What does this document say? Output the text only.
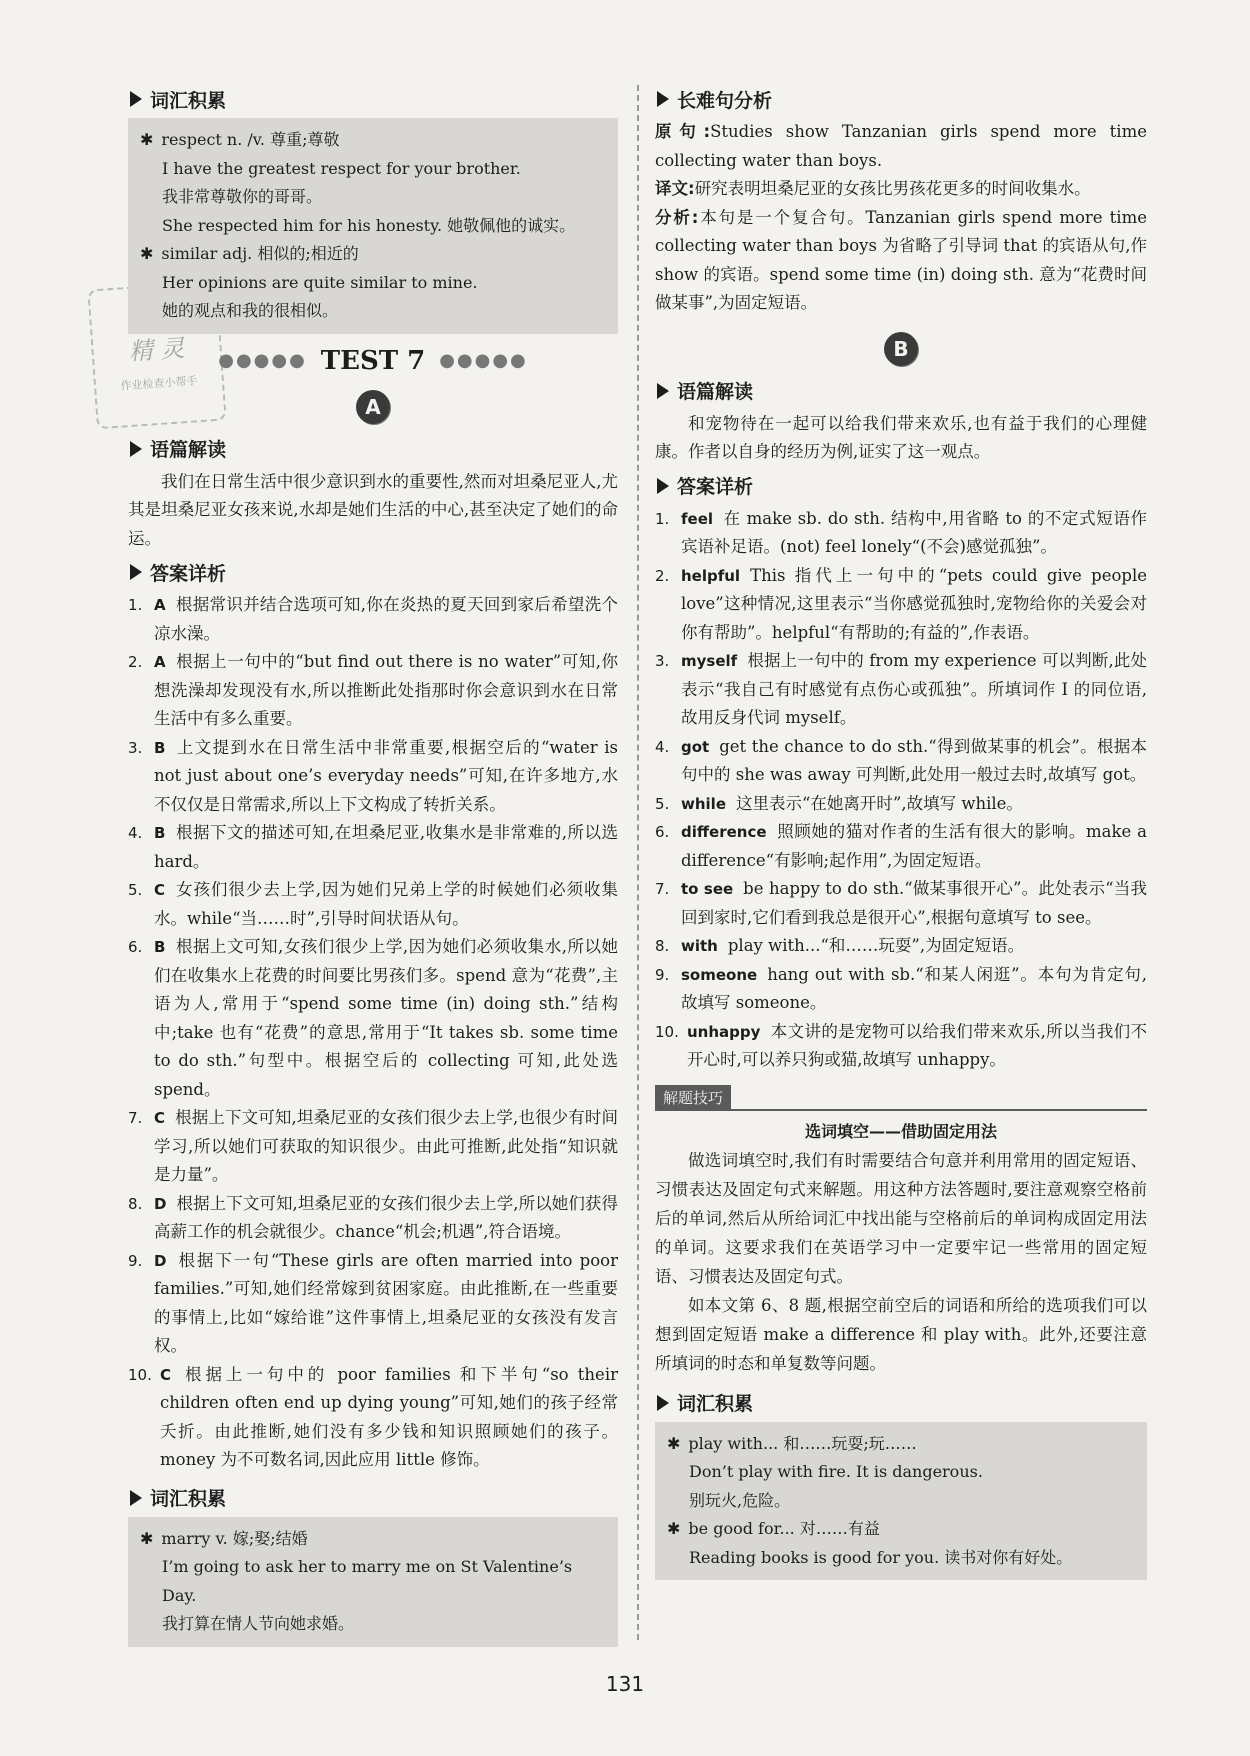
精 灵
作业检查小帮手
词汇积累
✱ respect n. /v. 尊重;尊敬
I have the greatest respect for your brother.
我非常尊敬你的哥哥。
She respected him for his honesty. 她敬佩他的诚实。
✱ similar adj. 相似的;相近的
Her opinions are quite similar to mine.
她的观点和我的很相似。
●●●●● TEST 7 ●●●●●
A
语篇解读

我们在日常生活中很少意识到水的重要性,然而对坦桑尼亚人,尤其是坦桑尼亚女孩来说,水却是她们生活的中心,甚至决定了她们的命运。

答案详析
1. A 根据常识并结合选项可知,你在炎热的夏天回到家后希望洗个凉水澡。
2. A 根据上一句中的“but find out there is no water”可知,你想洗澡却发现没有水,所以推断此处指那时你会意识到水在日常生活中有多么重要。
3. B 上文提到水在日常生活中非常重要,根据空后的“water is not just about one’s everyday needs”可知,在许多地方,水不仅仅是日常需求,所以上下文构成了转折关系。
4. B 根据下文的描述可知,在坦桑尼亚,收集水是非常难的,所以选 hard。
5. C 女孩们很少去上学,因为她们兄弟上学的时候她们必须收集水。while“当……时”,引导时间状语从句。
6. B 根据上文可知,女孩们很少上学,因为她们必须收集水,所以她们在收集水上花费的时间要比男孩们多。spend 意为“花费”,主语为人,常用于“spend some time (in) doing sth.”结构中;take 也有“花费”的意思,常用于“It takes sb. some time to do sth.”句型中。根据空后的 collecting 可知,此处选 spend。
7. C 根据上下文可知,坦桑尼亚的女孩们很少去上学,也很少有时间学习,所以她们可获取的知识很少。由此可推断,此处指“知识就是力量”。
8. D 根据上下文可知,坦桑尼亚的女孩们很少去上学,所以她们获得高薪工作的机会就很少。chance“机会;机遇”,符合语境。
9. D 根据下一句“These girls are often married into poor families.”可知,她们经常嫁到贫困家庭。由此推断,在一些重要的事情上,比如“嫁给谁”这件事情上,坦桑尼亚的女孩没有发言权。
10. C 根据上一句中的 poor families 和下半句“so their children often end up dying young”可知,她们的孩子经常夭折。由此推断,她们没有多少钱和知识照顾她们的孩子。money 为不可数名词,因此应用 little 修饰。
词汇积累
✱ marry v. 嫁;娶;结婚
I’m going to ask her to marry me on St Valentine’s Day.
我打算在情人节向她求婚。
长难句分析

原句:Studies show Tanzanian girls spend more time collecting water than boys.

译文:研究表明坦桑尼亚的女孩比男孩花更多的时间收集水。

分析:本句是一个复合句。Tanzanian girls spend more time collecting water than boys 为省略了引导词 that 的宾语从句,作 show 的宾语。spend some time (in) doing sth. 意为“花费时间做某事”,为固定短语。

B
语篇解读

和宠物待在一起可以给我们带来欢乐,也有益于我们的心理健康。作者以自身的经历为例,证实了这一观点。

答案详析
1. feel 在 make sb. do sth. 结构中,用省略 to 的不定式短语作宾语补足语。(not) feel lonely“(不会)感觉孤独”。
2. helpful This 指代上一句中的“pets could give people love”这种情况,这里表示“当你感觉孤独时,宠物给你的关爱会对你有帮助”。helpful“有帮助的;有益的”,作表语。
3. myself 根据上一句中的 from my experience 可以判断,此处表示“我自己有时感觉有点伤心或孤独”。所填词作 I 的同位语,故用反身代词 myself。
4. got get the chance to do sth.“得到做某事的机会”。根据本句中的 she was away 可判断,此处用一般过去时,故填写 got。
5. while 这里表示“在她离开时”,故填写 while。
6. difference 照顾她的猫对作者的生活有很大的影响。make a difference“有影响;起作用”,为固定短语。
7. to see be happy to do sth.“做某事很开心”。此处表示“当我回到家时,它们看到我总是很开心”,根据句意填写 to see。
8. with play with...“和……玩耍”,为固定短语。
9. someone hang out with sb.“和某人闲逛”。本句为肯定句,故填写 someone。
10. unhappy 本文讲的是宠物可以给我们带来欢乐,所以当我们不开心时,可以养只狗或猫,故填写 unhappy。
解题技巧
选词填空——借助固定用法

做选词填空时,我们有时需要结合句意并利用常用的固定短语、习惯表达及固定句式来解题。用这种方法答题时,要注意观察空格前后的单词,然后从所给词汇中找出能与空格前后的单词构成固定用法的单词。这要求我们在英语学习中一定要牢记一些常用的固定短语、习惯表达及固定句式。

如本文第 6、8 题,根据空前空后的词语和所给的选项我们可以想到固定短语 make a difference 和 play with。此外,还要注意所填词的时态和单复数等问题。

词汇积累
✱ play with... 和……玩耍;玩……
Don’t play with fire. It is dangerous.
别玩火,危险。
✱ be good for... 对……有益
Reading books is good for you. 读书对你有好处。
131
